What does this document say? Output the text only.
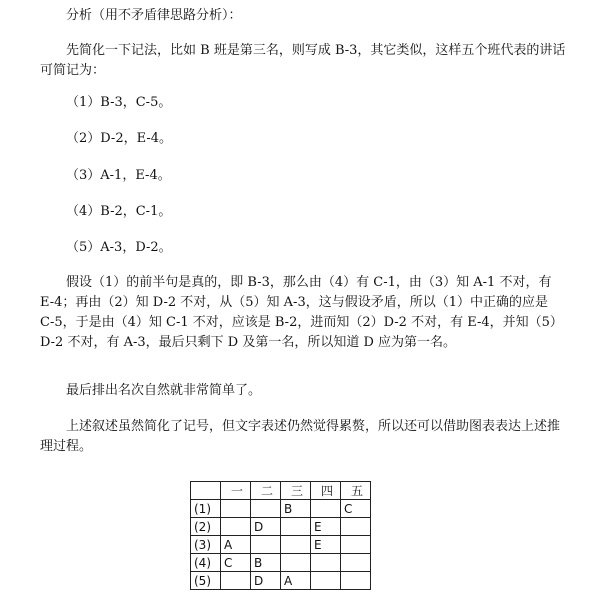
分析（用不矛盾律思路分析）：
先简化一下记法，比如 B 班是第三名，则写成 B-3，其它类似，这样五个班代表的讲话可简记为：
（1）B-3，C-5。
（2）D-2，E-4。
（3）A-1，E-4。
（4）B-2，C-1。
（5）A-3，D-2。
假设（1）的前半句是真的，即 B-3，那么由（4）有 C-1，由（3）知 A-1 不对，有 E-4；再由（2）知 D-2 不对，从（5）知 A-3，这与假设矛盾，所以（1）中正确的应是 C-5，于是由（4）知 C-1 不对，应该是 B-2，进而知（2）D-2 不对，有 E-4，并知（5）D-2 不对，有 A-3，最后只剩下 D 及第一名，所以知道 D 应为第一名。
最后排出名次自然就非常简单了。
上述叙述虽然简化了记号，但文字表述仍然觉得累赘，所以还可以借助图表表达上述推理过程。
	一	二	三	四	五
(1)			B		C
(2)		D		E	
(3)	A			E	
(4)	C	B			
(5)		D	A		
